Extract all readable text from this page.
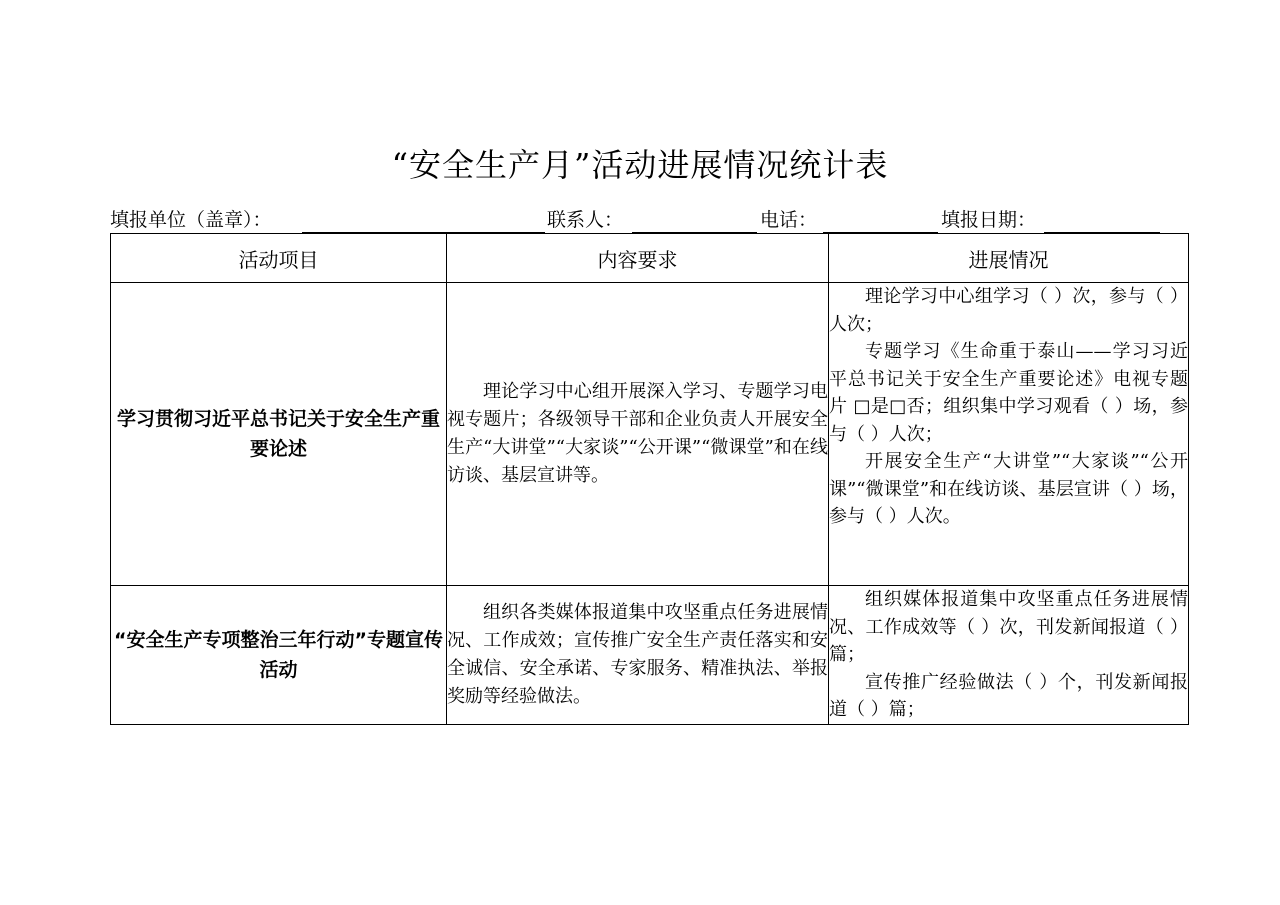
“安全生产月”活动进展情况统计表
填报单位（盖章）：	联系人：	电话：	填报日期：
活动项目	内容要求	进展情况
学习贯彻习近平总书记关于安全生产重要论述	理论学习中心组开展深入学习、专题学习电视专题片；各级领导干部和企业负责人开展安全生产“大讲堂”“大家谈”“公开课”“微课堂”和在线访谈、基层宣讲等。	理论学习中心组学习（ ）次，参与（ ）人次；

专题学习《生命重于泰山——学习习近平总书记关于安全生产重要论述》电视专题片 □是□否；组织集中学习观看（ ）场，参与（ ）人次；

开展安全生产“大讲堂”“大家谈”“公开课”“微课堂”和在线访谈、基层宣讲（ ）场，参与（ ）人次。

“安全生产专项整治三年行动”专题宣传活动	组织各类媒体报道集中攻坚重点任务进展情况、工作成效；宣传推广安全生产责任落实和安全诚信、安全承诺、专家服务、精准执法、举报奖励等经验做法。	组织媒体报道集中攻坚重点任务进展情况、工作成效等（ ）次，刊发新闻报道（ ）篇；

宣传推广经验做法（ ）个，刊发新闻报道（ ）篇；
